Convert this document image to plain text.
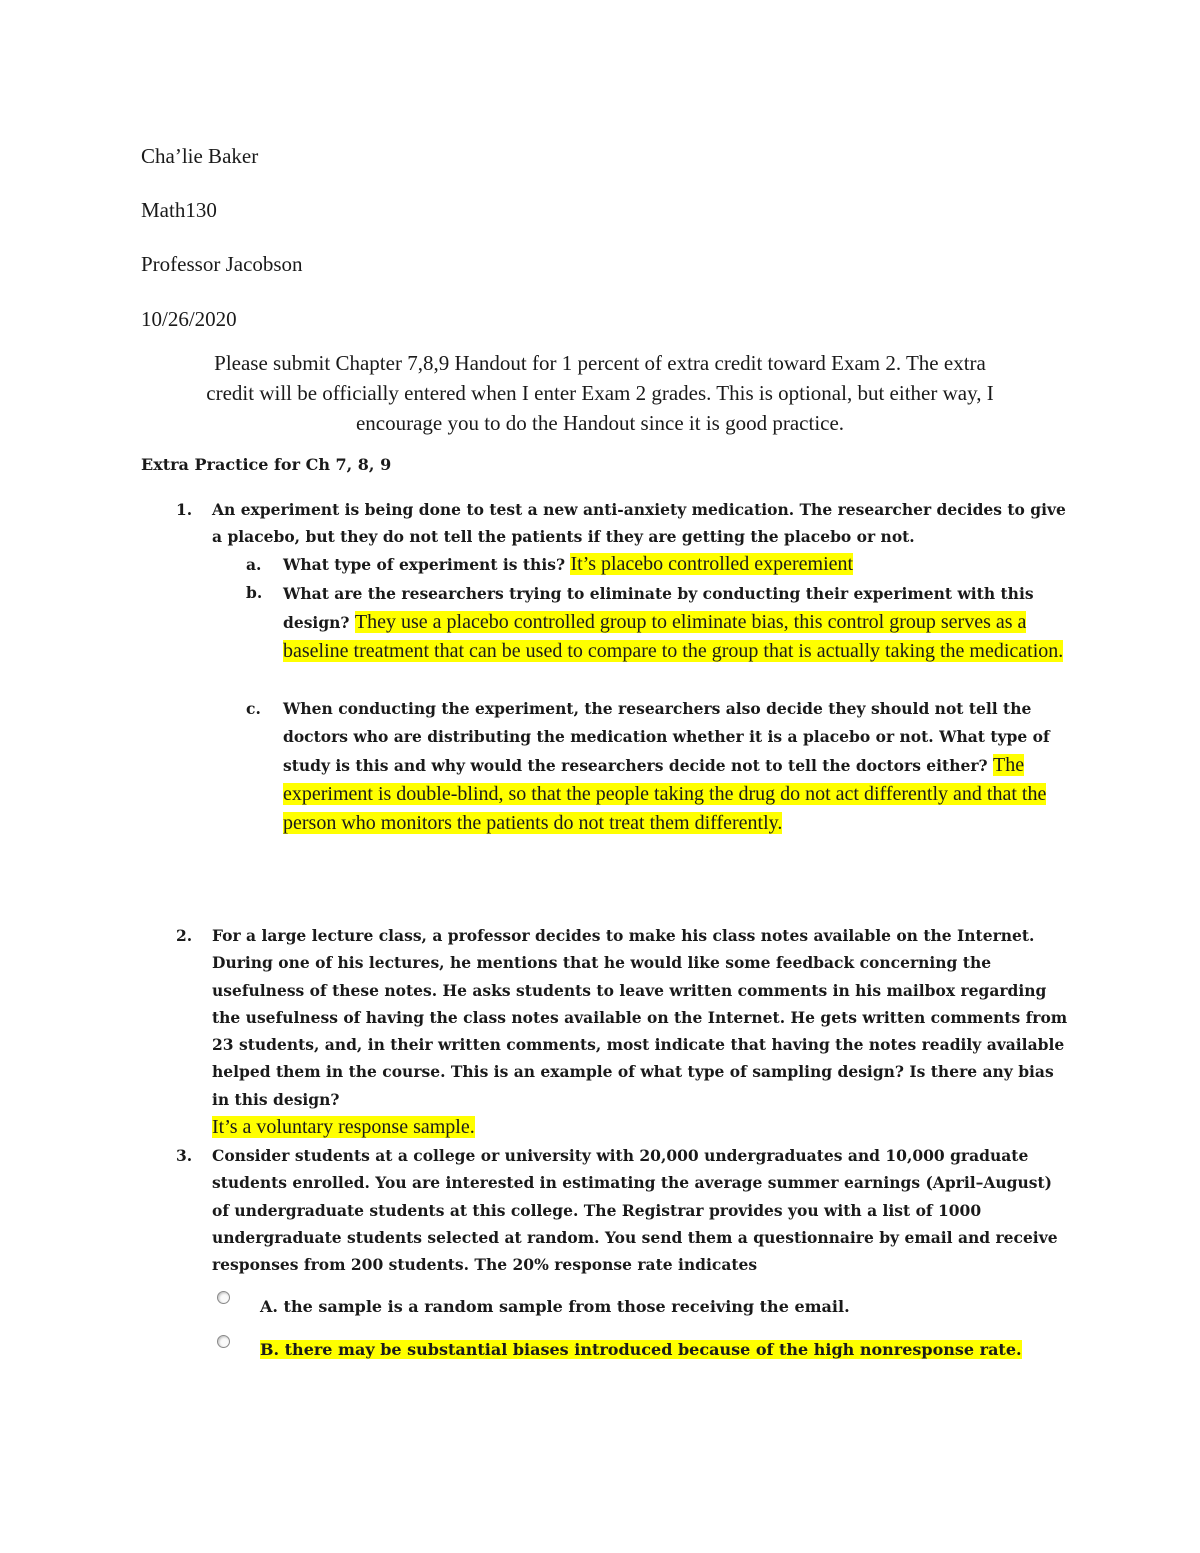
Cha’lie Baker
Math130
Professor Jacobson
10/26/2020
Please submit Chapter 7,8,9 Handout for 1 percent of extra credit toward Exam 2. The extra
credit will be officially entered when I enter Exam 2 grades. This is optional, but either way, I
encourage you to do the Handout since it is good practice.
Extra Practice for Ch 7, 8, 9
1. An experiment is being done to test a new anti-anxiety medication. The researcher decides to give a placebo, but they do not tell the patients if they are getting the placebo or not.
a. What type of experiment is this? It’s placebo controlled experemient
b. What are the researchers trying to eliminate by conducting their experiment with this design? They use a placebo controlled group to eliminate bias, this control group serves as a baseline treatment that can be used to compare to the group that is actually taking the medication.
c. When conducting the experiment, the researchers also decide they should not tell the doctors who are distributing the medication whether it is a placebo or not. What type of study is this and why would the researchers decide not to tell the doctors either? The experiment is double-blind, so that the people taking the drug do not act differently and that the person who monitors the patients do not treat them differently.
2. For a large lecture class, a professor decides to make his class notes available on the Internet. During one of his lectures, he mentions that he would like some feedback concerning the usefulness of these notes. He asks students to leave written comments in his mailbox regarding the usefulness of having the class notes available on the Internet. He gets written comments from 23 students, and, in their written comments, most indicate that having the notes readily available helped them in the course. This is an example of what type of sampling design? Is there any bias in this design?
It’s a voluntary response sample.
3. Consider students at a college or university with 20,000 undergraduates and 10,000 graduate students enrolled. You are interested in estimating the average summer earnings (April–August) of undergraduate students at this college. The Registrar provides you with a list of 1000 undergraduate students selected at random. You send them a questionnaire by email and receive responses from 200 students. The 20% response rate indicates
A. the sample is a random sample from those receiving the email.
B. there may be substantial biases introduced because of the high nonresponse rate.
